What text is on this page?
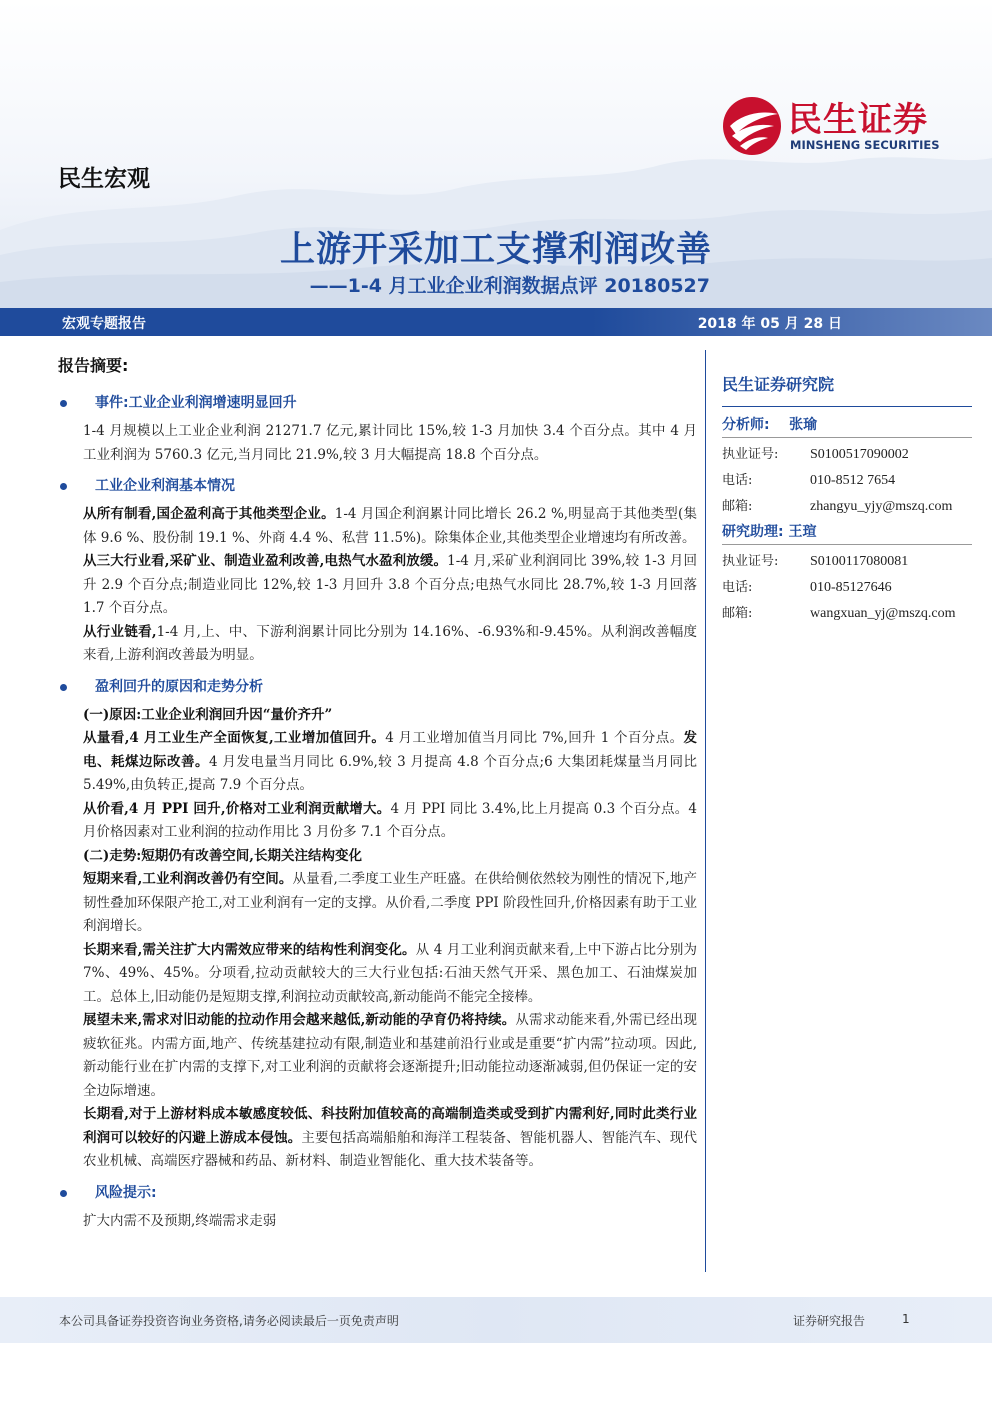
民生证券
MINSHENG SECURITIES
民生宏观
上游开采加工支撑利润改善
——1-4 月工业企业利润数据点评 20180527
宏观专题报告	2018 年 05 月 28 日
报告摘要:
事件:工业企业利润增速明显回升

1-4 月规模以上工业企业利润 21271.7 亿元,累计同比 15%,较 1-3 月加快 3.4 个百分点。其中 4 月工业利润为 5760.3 亿元,当月同比 21.9%,较 3 月大幅提高 18.8 个百分点。

工业企业利润基本情况

从所有制看,国企盈利高于其他类型企业。1-4 月国企利润累计同比增长 26.2 %,明显高于其他类型(集体 9.6 %、股份制 19.1 %、外商 4.4 %、私营 11.5%)。除集体企业,其他类型企业增速均有所改善。

从三大行业看,采矿业、制造业盈利改善,电热气水盈利放缓。1-4 月,采矿业利润同比 39%,较 1-3 月回升 2.9 个百分点;制造业同比 12%,较 1-3 月回升 3.8 个百分点;电热气水同比 28.7%,较 1-3 月回落 1.7 个百分点。

从行业链看,1-4 月,上、中、下游利润累计同比分别为 14.16%、-6.93%和-9.45%。从利润改善幅度来看,上游利润改善最为明显。

盈利回升的原因和走势分析

(一)原因:工业企业利润回升因“量价齐升”

从量看,4 月工业生产全面恢复,工业增加值回升。4 月工业增加值当月同比 7%,回升 1 个百分点。发电、耗煤边际改善。4 月发电量当月同比 6.9%,较 3 月提高 4.8 个百分点;6 大集团耗煤量当月同比 5.49%,由负转正,提高 7.9 个百分点。

从价看,4 月 PPI 回升,价格对工业利润贡献增大。4 月 PPI 同比 3.4%,比上月提高 0.3 个百分点。4 月价格因素对工业利润的拉动作用比 3 月份多 7.1 个百分点。

(二)走势:短期仍有改善空间,长期关注结构变化

短期来看,工业利润改善仍有空间。从量看,二季度工业生产旺盛。在供给侧依然较为刚性的情况下,地产韧性叠加环保限产抢工,对工业利润有一定的支撑。从价看,二季度 PPI 阶段性回升,价格因素有助于工业利润增长。

长期来看,需关注扩大内需效应带来的结构性利润变化。从 4 月工业利润贡献来看,上中下游占比分别为 7%、49%、45%。分项看,拉动贡献较大的三大行业包括:石油天然气开采、黑色加工、石油煤炭加工。总体上,旧动能仍是短期支撑,利润拉动贡献较高,新动能尚不能完全接棒。

展望未来,需求对旧动能的拉动作用会越来越低,新动能的孕育仍将持续。从需求动能来看,外需已经出现疲软征兆。内需方面,地产、传统基建拉动有限,制造业和基建前沿行业或是重要“扩内需”拉动项。因此,新动能行业在扩内需的支撑下,对工业利润的贡献将会逐渐提升;旧动能拉动逐渐减弱,但仍保证一定的安全边际增速。

长期看,对于上游材料成本敏感度较低、科技附加值较高的高端制造类或受到扩内需利好,同时此类行业利润可以较好的闪避上游成本侵蚀。主要包括高端船舶和海洋工程装备、智能机器人、智能汽车、现代农业机械、高端医疗器械和药品、新材料、制造业智能化、重大技术装备等。

风险提示:

扩大内需不及预期,终端需求走弱

民生证券研究院
分析师: 张瑜
执业证号:	S0100517090002
电话:	010-8512 7654
邮箱:	zhangyu_yjy@mszq.com
研究助理: 王瑄
执业证号:	S0100117080081
电话:	010-85127646
邮箱:	wangxuan_yj@mszq.com
本公司具备证券投资咨询业务资格,请务必阅读最后一页免责声明	证券研究报告	1
